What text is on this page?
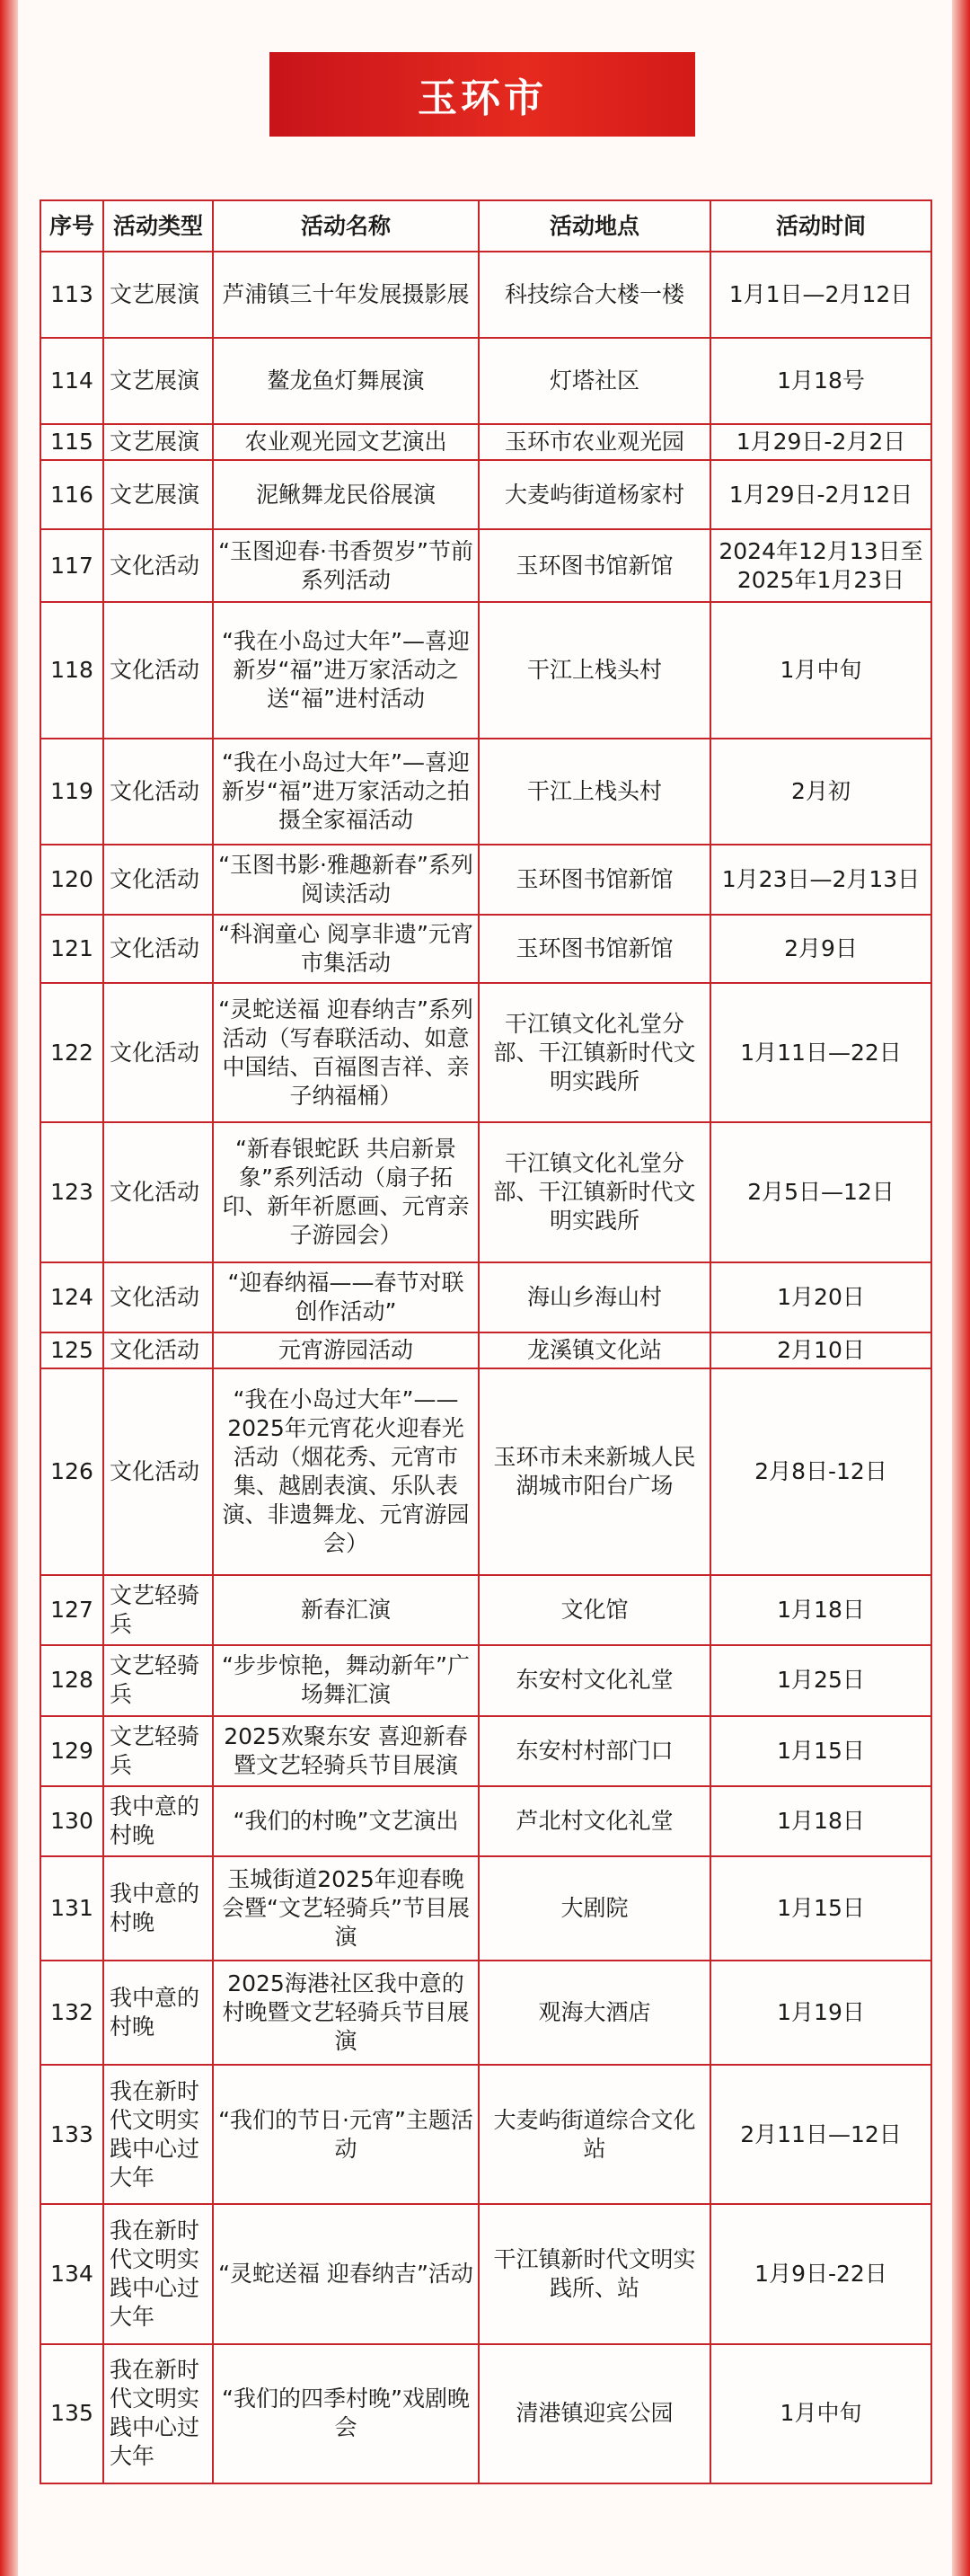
玉环市
序号	活动类型	活动名称	活动地点	活动时间
113	文艺展演	芦浦镇三十年发展摄影展	科技综合大楼一楼	1月1日—2月12日
114	文艺展演	鳌龙鱼灯舞展演	灯塔社区	1月18号
115	文艺展演	农业观光园文艺演出	玉环市农业观光园	1月29日-2月2日
116	文艺展演	泥鳅舞龙民俗展演	大麦屿街道杨家村	1月29日-2月12日
117	文化活动	“玉图迎春·书香贺岁”节前系列活动	玉环图书馆新馆	2024年12月13日至2025年1月23日
118	文化活动	“我在小岛过大年”—喜迎新岁“福”进万家活动之送“福”进村活动	干江上栈头村	1月中旬
119	文化活动	“我在小岛过大年”—喜迎新岁“福”进万家活动之拍摄全家福活动	干江上栈头村	2月初
120	文化活动	“玉图书影·雅趣新春”系列阅读活动	玉环图书馆新馆	1月23日—2月13日
121	文化活动	“科润童心 阅享非遗”元宵市集活动	玉环图书馆新馆	2月9日
122	文化活动	“灵蛇送福 迎春纳吉”系列活动（写春联活动、如意中国结、百福图吉祥、亲子纳福桶）	干江镇文化礼堂分部、干江镇新时代文明实践所	1月11日—22日
123	文化活动	“新春银蛇跃 共启新景象”系列活动（扇子拓印、新年祈愿画、元宵亲子游园会）	干江镇文化礼堂分部、干江镇新时代文明实践所	2月5日—12日
124	文化活动	“迎春纳福——春节对联创作活动”	海山乡海山村	1月20日
125	文化活动	元宵游园活动	龙溪镇文化站	2月10日
126	文化活动	“我在小岛过大年”——2025年元宵花火迎春光活动（烟花秀、元宵市集、越剧表演、乐队表演、非遗舞龙、元宵游园会）	玉环市未来新城人民湖城市阳台广场	2月8日-12日
127	文艺轻骑兵	新春汇演	文化馆	1月18日
128	文艺轻骑兵	“步步惊艳，舞动新年”广场舞汇演	东安村文化礼堂	1月25日
129	文艺轻骑兵	2025欢聚东安 喜迎新春暨文艺轻骑兵节目展演	东安村村部门口	1月15日
130	我中意的村晚	“我们的村晚”文艺演出	芦北村文化礼堂	1月18日
131	我中意的村晚	玉城街道2025年迎春晚会暨“文艺轻骑兵”节目展演	大剧院	1月15日
132	我中意的村晚	2025海港社区我中意的村晚暨文艺轻骑兵节目展演	观海大酒店	1月19日
133	我在新时代文明实践中心过大年	“我们的节日·元宵”主题活动	大麦屿街道综合文化站	2月11日—12日
134	我在新时代文明实践中心过大年	“灵蛇送福 迎春纳吉”活动	干江镇新时代文明实践所、站	1月9日-22日
135	我在新时代文明实践中心过大年	“我们的四季村晚”戏剧晚会	清港镇迎宾公园	1月中旬
